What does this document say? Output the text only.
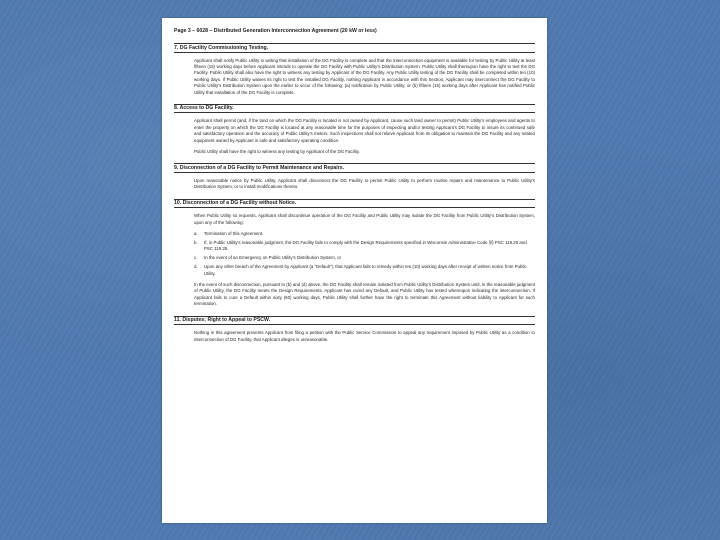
Page 3 – 6028 – Distributed Generation Interconnection Agreement (20 kW or less)
7. DG Facility Commissioning Testing.

Applicant shall notify Public Utility in writing that installation of the DG Facility is complete and that the interconnection equipment is available for testing by Public Utility at least fifteen (15) working days before Applicant intends to operate the DG Facility with Public Utility’s Distribution System. Public Utility shall thereupon have the right to test the DG Facility. Public Utility shall also have the right to witness any testing by Applicant of the DG Facility. Any Public Utility testing of the DG Facility shall be completed within ten (10) working days. If Public Utility waives its right to test the installed DG Facility, nothing Applicant in accordance with this Section, Applicant may interconnect the DG Facility to Public Utility’s Distribution System upon the earlier to occur of the following: (a) notification by Public Utility; or (b) fifteen (15) working days after Applicant has notified Public Utility that installation of the DG Facility is complete.

8. Access to DG Facility.

Applicant shall permit (and, if the land on which the DG Facility is located is not owned by Applicant, cause such land owner to permit) Public Utility’s employees and agents to enter the property on which the DG Facility is located at any reasonable time for the purposes of inspecting and/or testing Applicant’s DG Facility to insure its continued safe and satisfactory operation and the accuracy of Public Utility’s meters. Such inspections shall not relieve Applicant from its obligation to maintain the DG Facility and any related equipment owned by Applicant in safe and satisfactory operating condition.

Public Utility shall have the right to witness any testing by Applicant of the DG Facility.

9. Disconnection of a DG Facility to Permit Maintenance and Repairs.

Upon reasonable notice by Public Utility, Applicant shall disconnect the DG Facility to permit Public Utility to perform routine repairs and maintenance to Public Utility’s Distribution System, or to install modifications thereto.

10. Disconnection of a DG Facility without Notice.

When Public Utility so requests, Applicant shall discontinue operation of the DG Facility and Public Utility may isolate the DG Facility from Public Utility’s Distribution System, upon any of the following:

a.	Termination of this Agreement.
b.	If, in Public Utility’s reasonable judgment, the DG Facility fails to comply with the Design Requirements specified in Wisconsin Administrative Code §§ PSC 119.20 and PSC 119.25.
c.	In the event of an Emergency on Public Utility’s Distribution System, or
d.	Upon any other breach of the Agreement by Applicant (a “Default”), that Applicant fails to remedy within ten (10) working days after receipt of written notice from Public Utility.

In the event of such disconnection, pursuant to (b) and (d) above, the DG Facility shall remain isolated from Public Utility’s Distribution System until, in the reasonable judgment of Public Utility, the DG Facility meets the Design Requirements. Applicant has cured any Default, and Public Utility has tested whereupon indicating the interconnection. If Applicant fails to cure a Default within sixty (60) working days, Public Utility shall further have the right to terminate this Agreement without liability to Applicant for such termination.

11. Disputes; Right to Appeal to PSCW.

Nothing in this agreement prevents Applicant from filing a petition with the Public Service Commission to appeal any requirement imposed by Public Utility as a condition to interconnection of DG Facility, that Applicant alleges is unreasonable.
